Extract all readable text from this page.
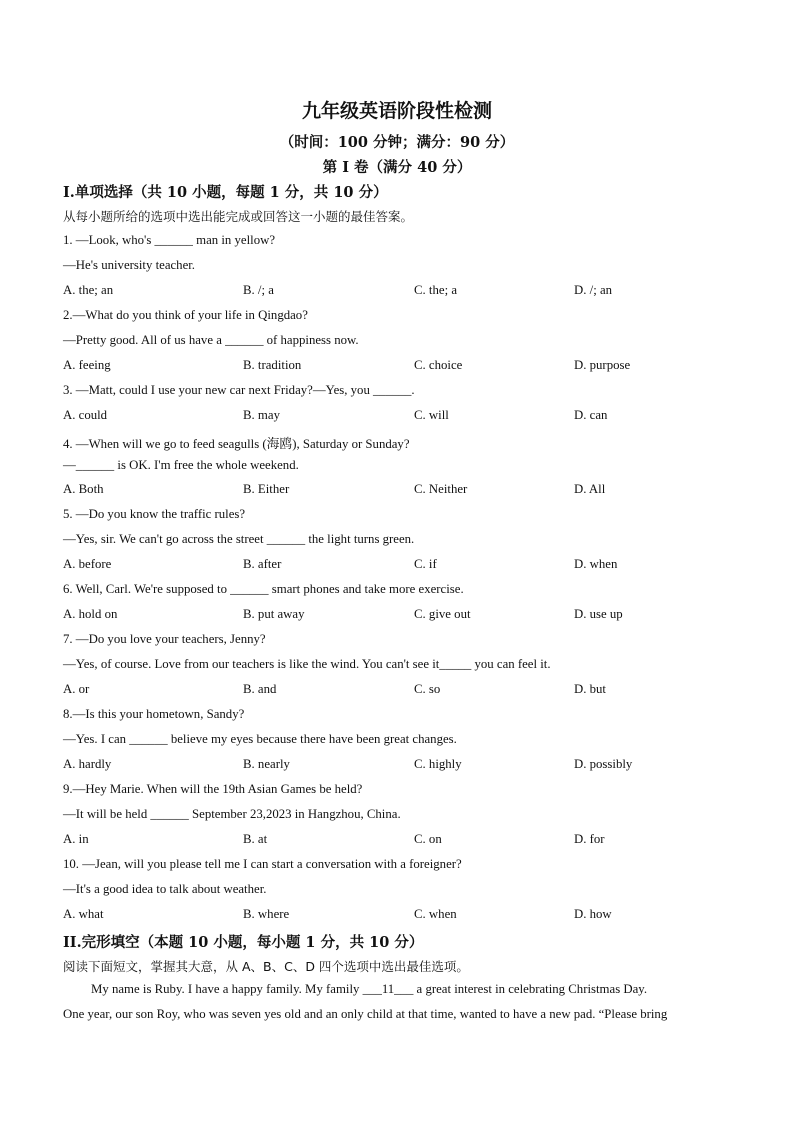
九年级英语阶段性检测
（时间：100 分钟；满分：90 分）
第 I 卷（满分 40 分）
I.单项选择（共 10 小题，每题 1 分，共 10 分）
从每小题所给的选项中选出能完成或回答这一小题的最佳答案。
1. —Look, who's ______ man in yellow?
—He's university teacher.
A. the; an	B. /; a	C. the; a	D. /; an
2.—What do you think of your life in Qingdao?
—Pretty good. All of us have a ______ of happiness now.
A. feeing	B. tradition	C. choice	D. purpose
3. —Matt, could I use your new car next Friday?—Yes, you ______.
A. could	B. may	C. will	D. can
4. —When will we go to feed seagulls (海鸥), Saturday or Sunday?
—______ is OK. I'm free the whole weekend.
A. Both	B. Either	C. Neither	D. All
5. —Do you know the traffic rules?
—Yes, sir. We can't go across the street ______ the light turns green.
A. before	B. after	C. if	D. when
6. Well, Carl. We're supposed to ______ smart phones and take more exercise.
A. hold on	B. put away	C. give out	D. use up
7. —Do you love your teachers, Jenny?
—Yes, of course. Love from our teachers is like the wind. You can't see it_____ you can feel it.
A. or	B. and	C. so	D. but
8.—Is this your hometown, Sandy?
—Yes. I can ______ believe my eyes because there have been great changes.
A. hardly	B. nearly	C. highly	D. possibly
9.—Hey Marie. When will the 19th Asian Games be held?
—It will be held ______ September 23,2023 in Hangzhou, China.
A. in	B. at	C. on	D. for
10. —Jean, will you please tell me I can start a conversation with a foreigner?
—It's a good idea to talk about weather.
A. what	B. where	C. when	D. how
II.完形填空（本题 10 小题，每小题 1 分，共 10 分）
阅读下面短文，掌握其大意，从 A、B、C、D 四个选项中选出最佳选项。
My name is Ruby. I have a happy family. My family ___11___ a great interest in celebrating Christmas Day.
One year, our son Roy, who was seven yes old and an only child at that time, wanted to have a new pad. “Please bring
